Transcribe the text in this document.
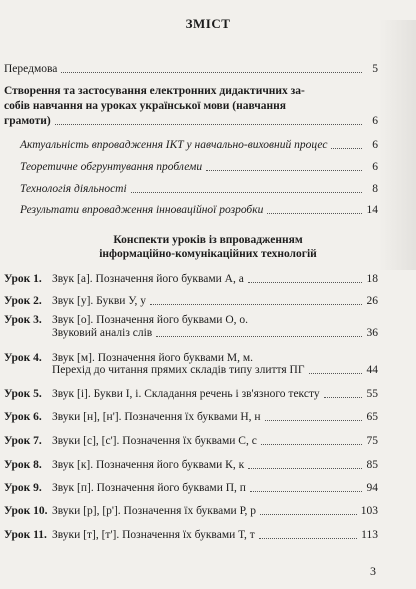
ЗМІСТ
Передмова	5
Створення та застосування електронних дидактичних за-
собів навчання на уроках української мови (навчання
грамоти)	6
Актуальність впровадження ІКТ у навчально-виховний процес	6
Теоретичне обгрунтування проблеми	6
Технологія діяльності	8
Результати впровадження інноваційної розробки	14
Конспекти уроків із впровадженням
інформаційно-комунікаційних технологій
Урок 1. Звук [а]. Позначення його буквами А, а	18
Урок 2. Звук [у]. Букви У, у	26
Урок 3. Звук [о]. Позначення його буквами О, о.
Звуковий аналіз слів	36
Урок 4. Звук [м]. Позначення його буквами М, м.
Перехід до читання прямих складів типу злиття ПГ	44
Урок 5. Звук [і]. Букви І, і. Складання речень і зв'язного тексту	55
Урок 6. Звуки [н], [н']. Позначення їх буквами Н, н	65
Урок 7. Звуки [с], [с']. Позначення їх буквами С, с	75
Урок 8. Звук [к]. Позначення його буквами К, к	85
Урок 9. Звук [п]. Позначення його буквами П, п	94
Урок 10. Звуки [р], [р']. Позначення їх буквами Р, р	103
Урок 11. Звуки [т], [т']. Позначення їх буквами Т, т	113
3
